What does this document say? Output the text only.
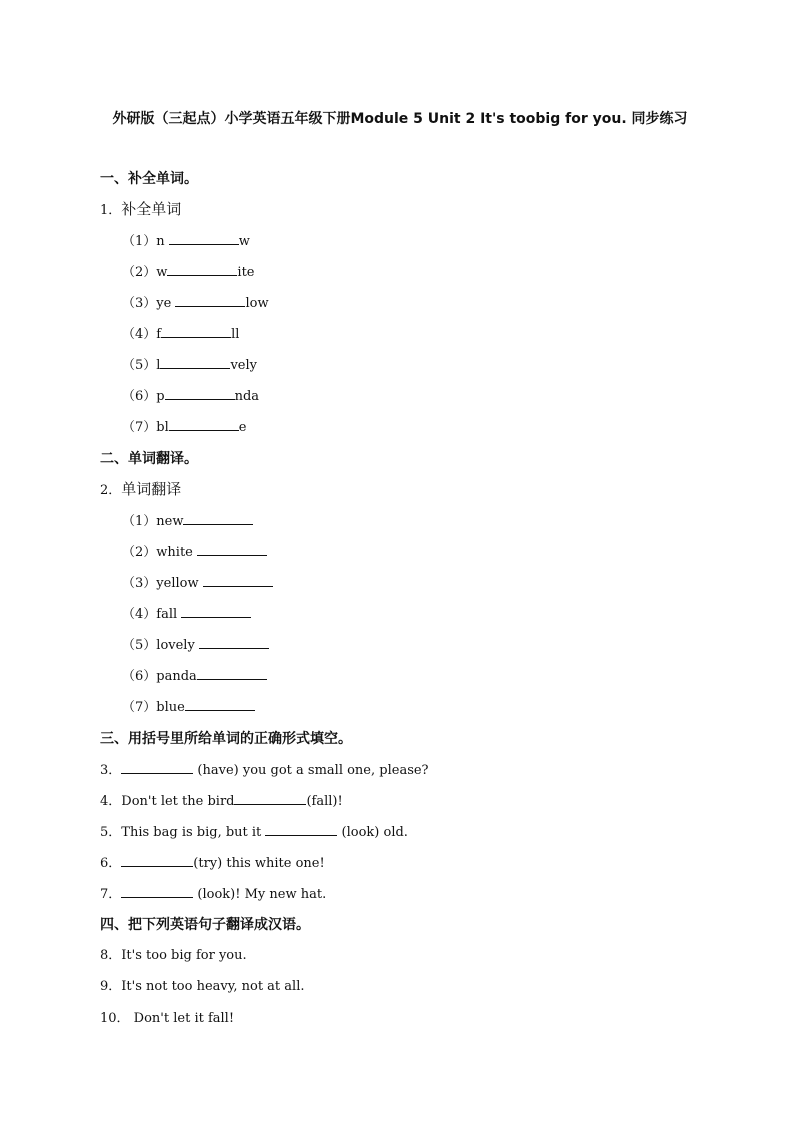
外研版（三起点）小学英语五年级下册Module 5 Unit 2 It's toobig for you. 同步练习
一、补全单词。
1．补全单词
（1）n	w
（2）w	ite
（3）ye	low
（4）f	ll
（5）l	vely
（6）p	nda
（7）bl	e
二、单词翻译。
2．单词翻译
（1）new
（2）white
（3）yellow
（4）fall
（5）lovely
（6）panda
（7）blue
三、用括号里所给单词的正确形式填空。
3．	(have) you got a small one, please?
4．Don't let the bird	(fall)!
5．This bag is big, but it	(look) old.
6．	(try) this white one!
7．	(look)! My new hat.
四、把下列英语句子翻译成汉语。
8．It's too big for you.
9．It's not too heavy, not at all.
10． Don't let it fall!
